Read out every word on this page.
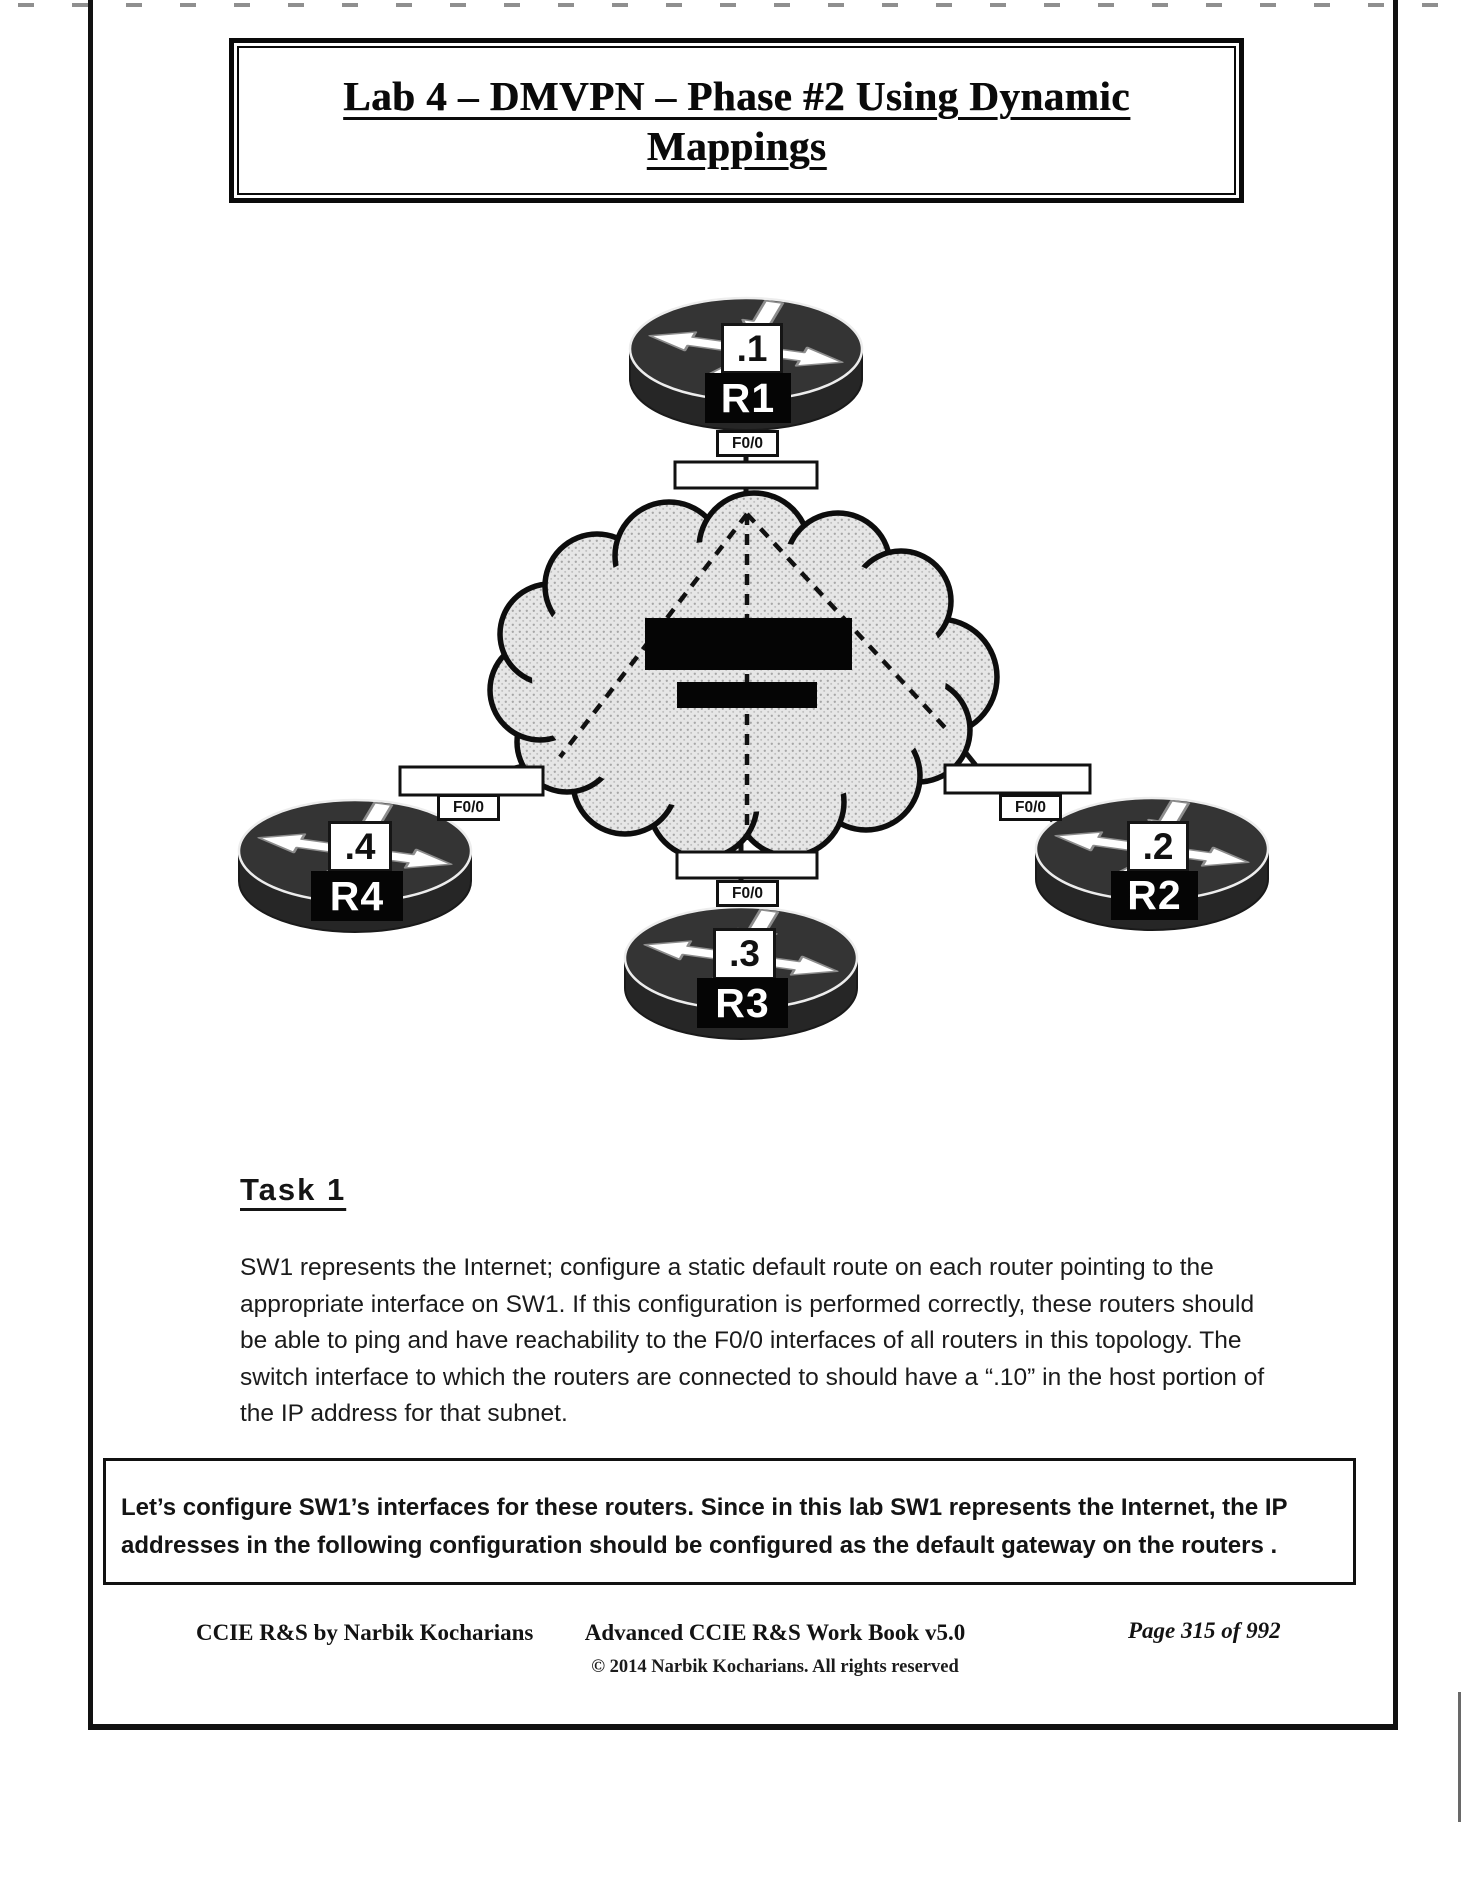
Lab 4 – DMVPN – Phase #2 Using Dynamic
Mappings
.1
.2
.3
.4
R1
R2
R3
R4
F0/0
F0/0
F0/0
F0/0
Task 1
SW1 represents the Internet; configure a static default route on each router pointing to the appropriate interface on SW1. If this configuration is performed correctly, these routers should be able to ping and have reachability to the F0/0 interfaces of all routers in this topology. The switch interface to which the routers are connected to should have a “.10” in the host portion of the IP address for that subnet.
Let’s configure SW1’s interfaces for these routers. Since in this lab SW1 represents the Internet, the IP addresses in the following configuration should be configured as the default gateway on the routers .
CCIE R&S by Narbik Kocharians	Advanced CCIE R&S Work Book v5.0
© 2014 Narbik Kocharians. All rights reserved
Page 315 of 992
